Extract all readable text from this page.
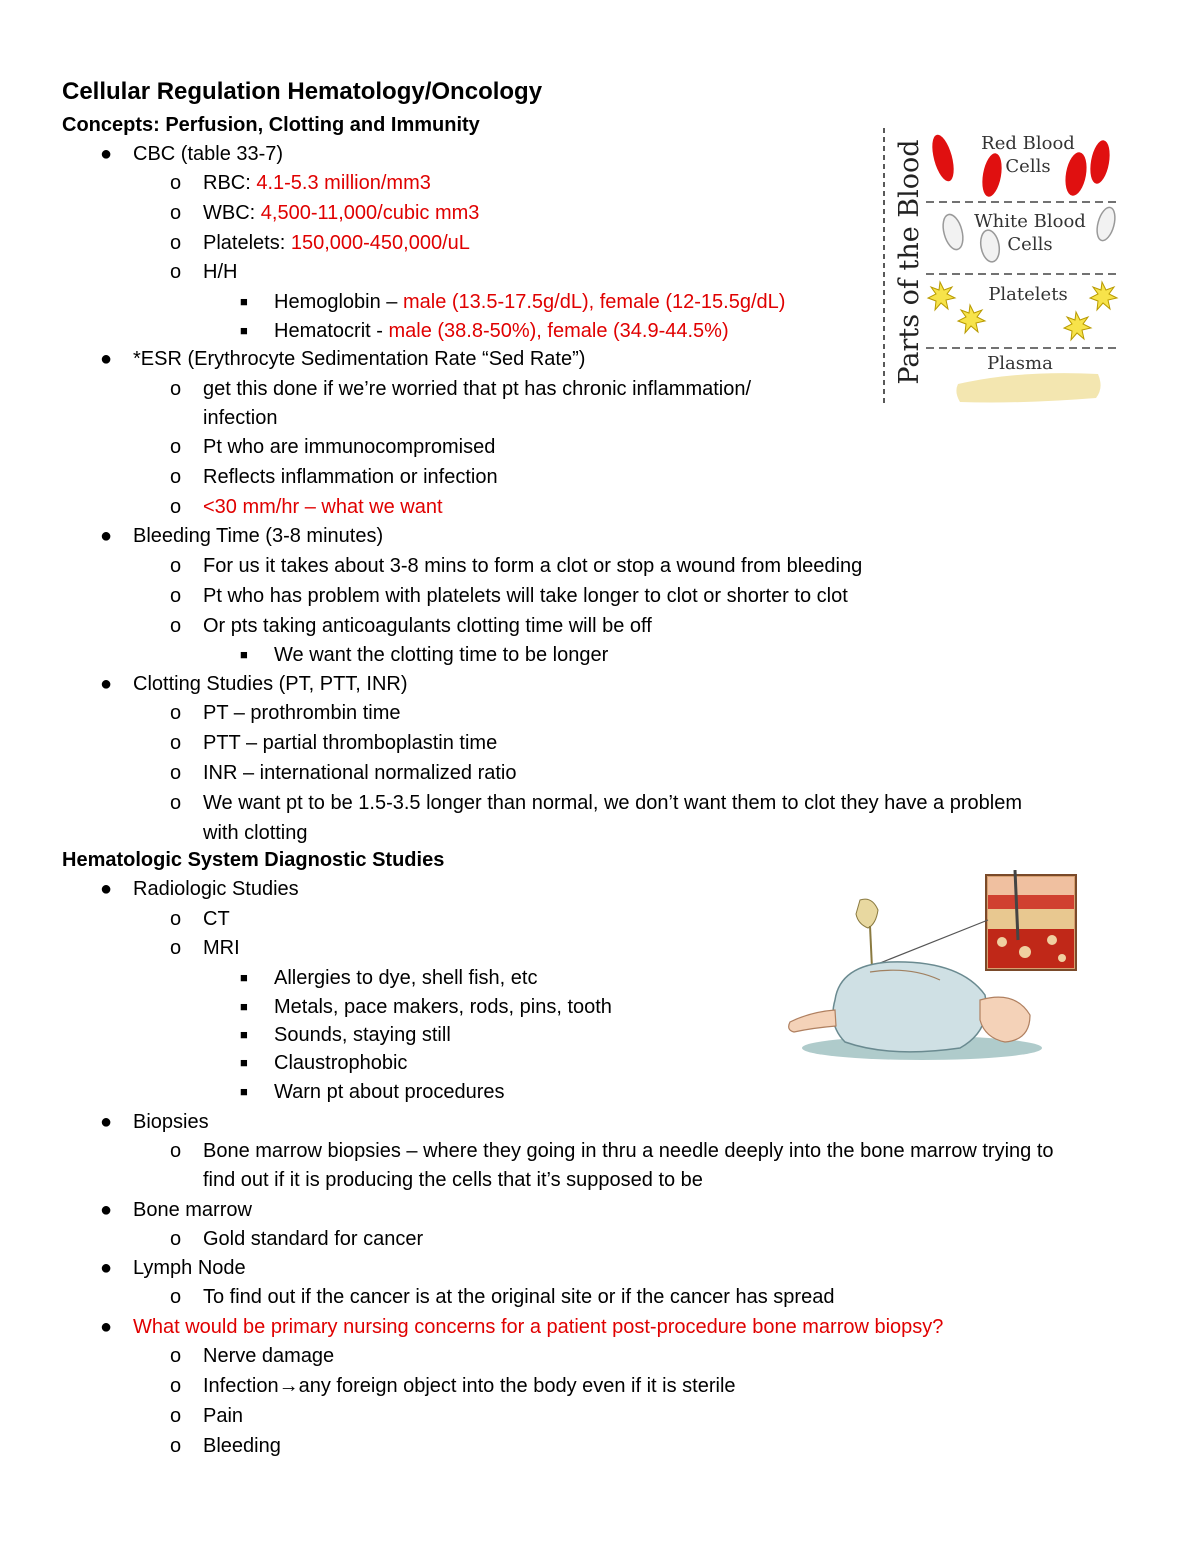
Cellular Regulation Hematology/Oncology
Concepts: Perfusion, Clotting and Immunity
● CBC (table 33-7)
o RBC: 4.1-5.3 million/mm3
o WBC: 4,500-11,000/cubic mm3
o Platelets: 150,000-450,000/uL
o H/H
■ Hemoglobin – male (13.5-17.5g/dL), female (12-15.5g/dL)
■ Hematocrit - male (38.8-50%), female (34.9-44.5%)
● *ESR (Erythrocyte Sedimentation Rate “Sed Rate”)
o get this done if we’re worried that pt has chronic inflammation/
infection
o Pt who are immunocompromised
o Reflects inflammation or infection
o <30 mm/hr – what we want
● Bleeding Time (3-8 minutes)
o For us it takes about 3-8 mins to form a clot or stop a wound from bleeding
o Pt who has problem with platelets will take longer to clot or shorter to clot
o Or pts taking anticoagulants clotting time will be off
■ We want the clotting time to be longer
● Clotting Studies (PT, PTT, INR)
o PT – prothrombin time
o PTT – partial thromboplastin time
o INR – international normalized ratio
o We want pt to be 1.5-3.5 longer than normal, we don’t want them to clot they have a problem
with clotting
Hematologic System Diagnostic Studies
● Radiologic Studies
o CT
o MRI
■ Allergies to dye, shell fish, etc
■ Metals, pace makers, rods, pins, tooth
■ Sounds, staying still
■ Claustrophobic
■ Warn pt about procedures
● Biopsies
o Bone marrow biopsies – where they going in thru a needle deeply into the bone marrow trying to
find out if it is producing the cells that it’s supposed to be
● Bone marrow
o Gold standard for cancer
● Lymph Node
o To find out if the cancer is at the original site or if the cancer has spread
● What would be primary nursing concerns for a patient post-procedure bone marrow biopsy?
o Nerve damage
o Infection→any foreign object into the body even if it is sterile
o Pain
o Bleeding
Parts of the Blood	Red Blood
Cells
White Blood
Cells
Platelets
Plasma
